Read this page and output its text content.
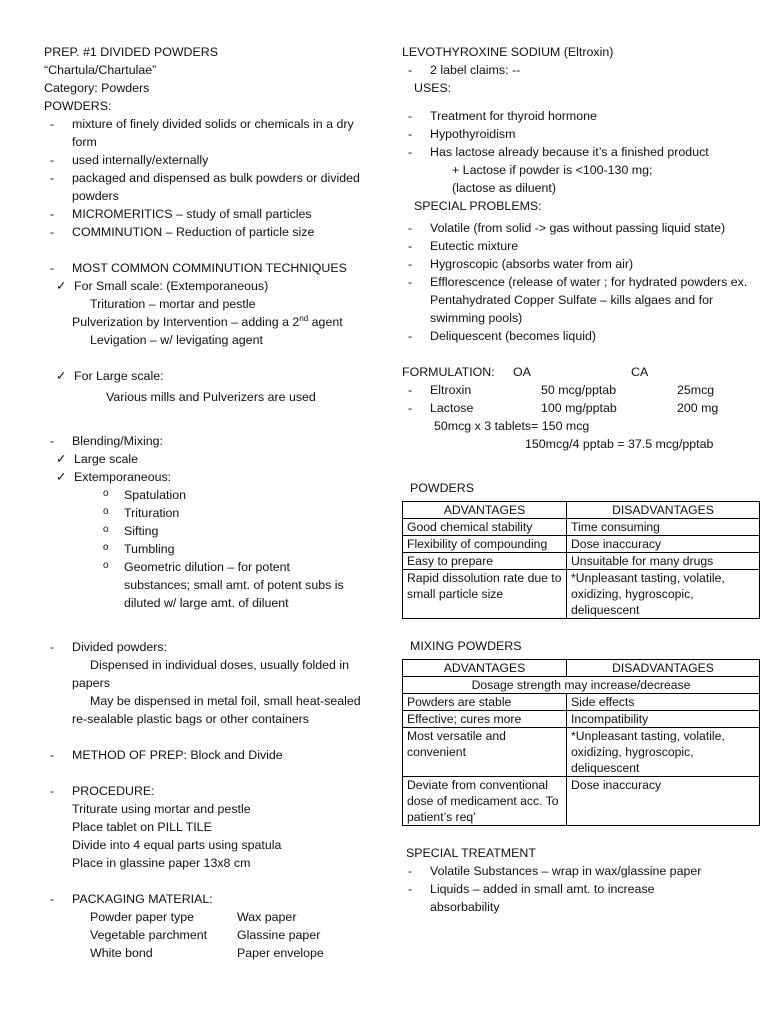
PREP. #1 DIVIDED POWDERS
“Chartula/Chartulae”
Category: Powders
POWDERS:
- mixture of finely divided solids or chemicals in a dry form
- used internally/externally
- packaged and dispensed as bulk powders or divided powders
- MICROMERITICS – study of small particles
- COMMINUTION – Reduction of particle size
- MOST COMMON COMMINUTION TECHNIQUES
✓ For Small scale: (Extemporaneous)
Trituration – mortar and pestle
Pulverization by Intervention – adding a 2nd agent
Levigation – w/ levigating agent
✓ For Large scale:
Various mills and Pulverizers are used
- Blending/Mixing:
✓ Large scale
✓ Extemporaneous:
o Spatulation
o Trituration
o Sifting
o Tumbling
o Geometric dilution – for potent substances; small amt. of potent subs is diluted w/ large amt. of diluent
- Divided powders:
Dispensed in individual doses, usually folded in papers
May be dispensed in metal foil, small heat-sealed re-sealable plastic bags or other containers
- METHOD OF PREP: Block and Divide
- PROCEDURE:
Triturate using mortar and pestle
Place tablet on PILL TILE
Divide into 4 equal parts using spatula
Place in glassine paper 13x8 cm
- PACKAGING MATERIAL:
Powder paper type	Wax paper
Vegetable parchment	Glassine paper
White bond	Paper envelope
LEVOTHYROXINE SODIUM (Eltroxin)
- 2 label claims: --
USES:
- Treatment for thyroid hormone
- Hypothyroidism
- Has lactose already because it’s a finished product
+ Lactose if powder is <100-130 mg;
(lactose as diluent)
SPECIAL PROBLEMS:
- Volatile (from solid -> gas without passing liquid state)
- Eutectic mixture
- Hygroscopic (absorbs water from air)
- Efflorescence (release of water ; for hydrated powders ex. Pentahydrated Copper Sulfate – kills algaes and for swimming pools)
- Deliquescent (becomes liquid)
FORMULATION:	OA	CA
- Eltroxin	50 mcg/pptab	25mcg
- Lactose	100 mg/pptab	200 mg
50mcg x 3 tablets= 150 mcg
150mcg/4 pptab = 37.5 mcg/pptab
POWDERS
ADVANTAGES	DISADVANTAGES
Good chemical stability	Time consuming
Flexibility of compounding	Dose inaccuracy
Easy to prepare	Unsuitable for many drugs
Rapid dissolution rate due to small particle size	*Unpleasant tasting, volatile, oxidizing, hygroscopic, deliquescent
MIXING POWDERS
ADVANTAGES	DISADVANTAGES
Dosage strength may increase/decrease	
Powders are stable	Side effects
Effective; cures more	Incompatibility
Most versatile and convenient	*Unpleasant tasting, volatile, oxidizing, hygroscopic, deliquescent
Deviate from conventional dose of medicament acc. To patient’s req’	Dose inaccuracy
SPECIAL TREATMENT
- Volatile Substances – wrap in wax/glassine paper
- Liquids – added in small amt. to increase absorbability
